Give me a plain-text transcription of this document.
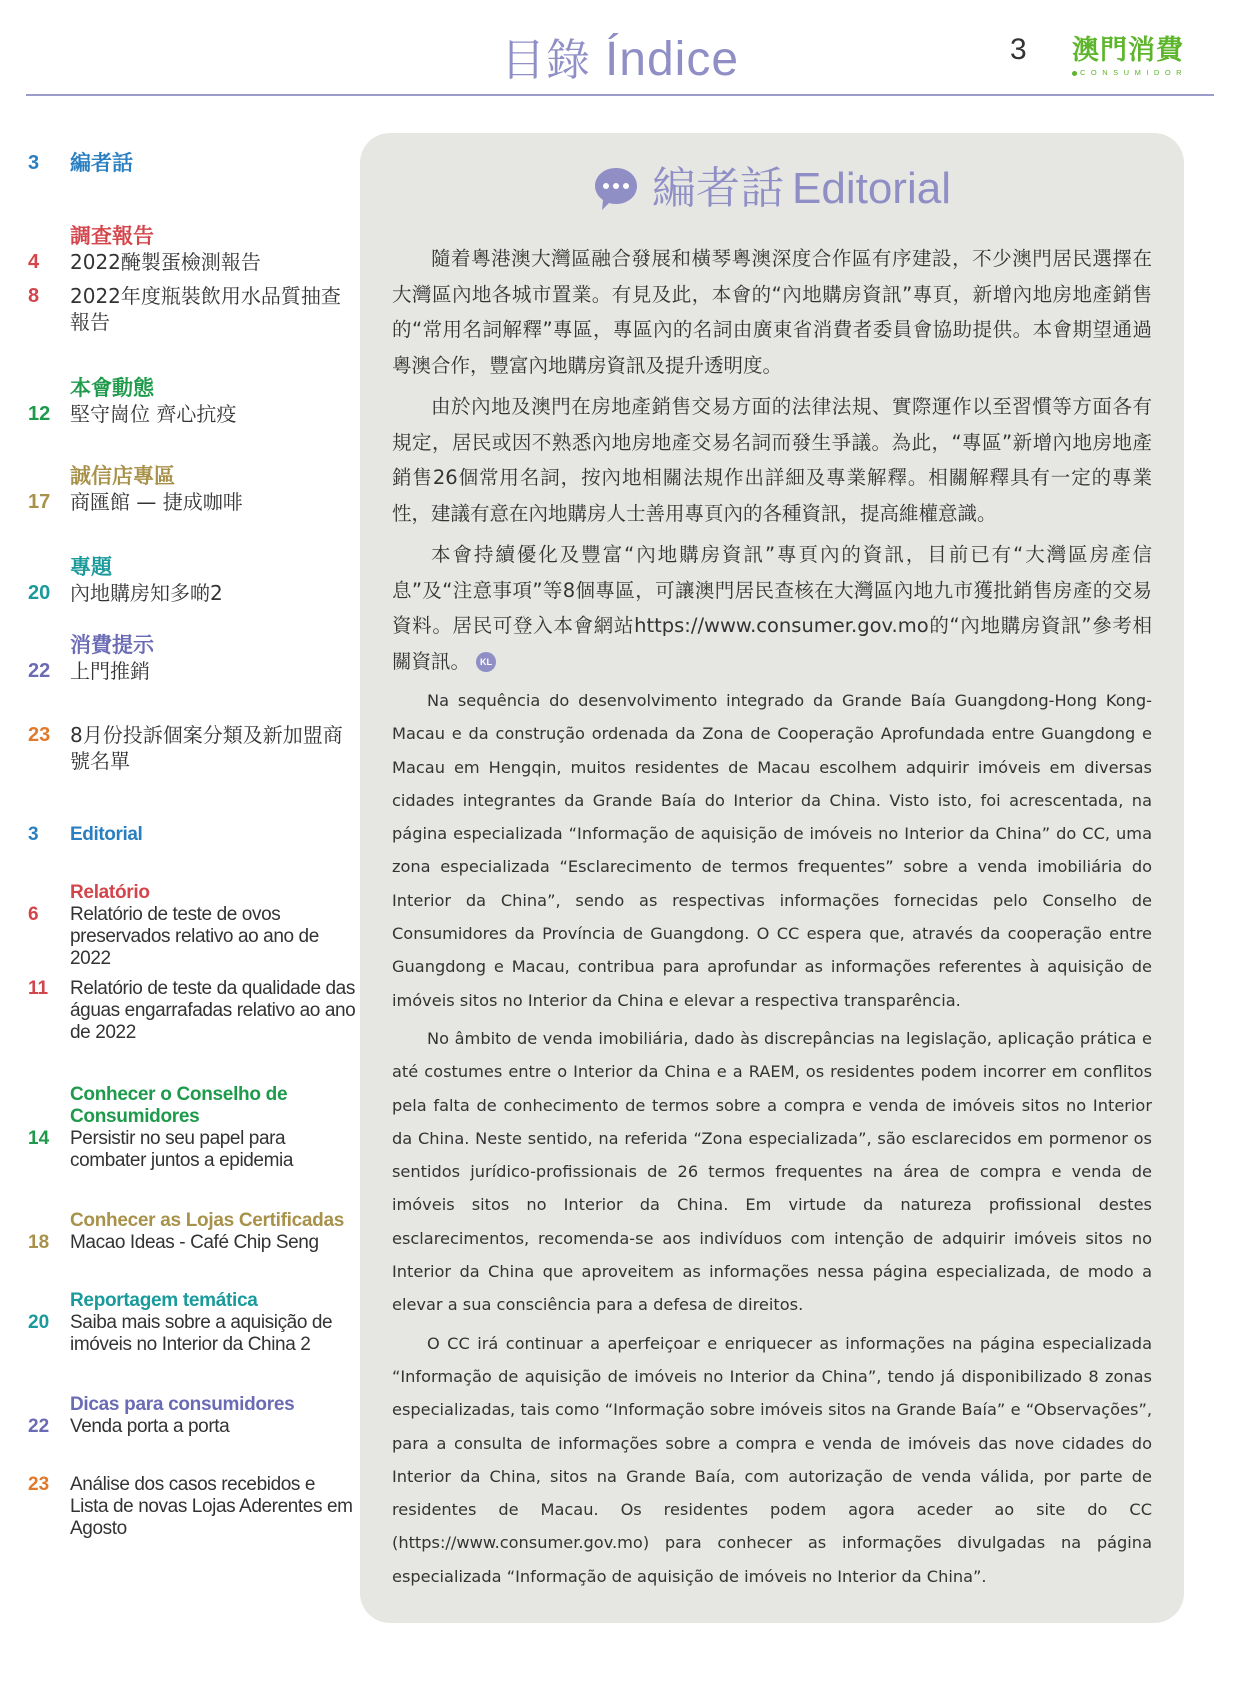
目錄 Índice	3 澳門消費
CONSUMIDOR
3	編者話
調查報告
4	2022醃製蛋檢測報告
8	2022年度瓶裝飲用水品質抽查報告
本會動態
12 堅守崗位 齊心抗疫
誠信店專區
17 商匯館 — 捷成咖啡
專題
20 內地購房知多啲2
消費提示
22 上門推銷
23 8月份投訴個案分類及新加盟商號名單
3	Editorial
Relatório
6	Relatório de teste de ovos preservados relativo ao ano de 2022
11	Relatório de teste da qualidade das águas engarrafadas relativo ao ano de 2022
Conhecer o Conselho de Consumidores
14	Persistir no seu papel para combater juntos a epidemia
Conhecer as Lojas Certificadas
18	Macao Ideas - Café Chip Seng
Reportagem temática
20	Saiba mais sobre a aquisição de imóveis no Interior da China 2
Dicas para consumidores
22	Venda porta a porta
23	Análise dos casos recebidos e Lista de novas Lojas Aderentes em Agosto
編者話 Editorial

隨着粵港澳大灣區融合發展和橫琴粵澳深度合作區有序建設，不少澳門居民選擇在大灣區內地各城市置業。有見及此，本會的“內地購房資訊”專頁，新增內地房地產銷售的“常用名詞解釋”專區，專區內的名詞由廣東省消費者委員會協助提供。本會期望通過粵澳合作，豐富內地購房資訊及提升透明度。

由於內地及澳門在房地產銷售交易方面的法律法規、實際運作以至習慣等方面各有規定，居民或因不熟悉內地房地產交易名詞而發生爭議。為此，“專區”新增內地房地產銷售26個常用名詞，按內地相關法規作出詳細及專業解釋。相關解釋具有一定的專業性，建議有意在內地購房人士善用專頁內的各種資訊，提高維權意識。

本會持續優化及豐富“內地購房資訊”專頁內的資訊，目前已有“大灣區房產信息”及“注意事項”等8個專區，可讓澳門居民查核在大灣區內地九市獲批銷售房產的交易資料。居民可登入本會網站https://www.consumer.gov.mo的“內地購房資訊”參考相關資訊。 KL

Na sequência do desenvolvimento integrado da Grande Baía Guangdong-Hong Kong-Macau e da construção ordenada da Zona de Cooperação Aprofundada entre Guangdong e Macau em Hengqin, muitos residentes de Macau escolhem adquirir imóveis em diversas cidades integrantes da Grande Baía do Interior da China. Visto isto, foi acrescentada, na página especializada “Informação de aquisição de imóveis no Interior da China” do CC, uma zona especializada “Esclarecimento de termos frequentes” sobre a venda imobiliária do Interior da China”, sendo as respectivas informações fornecidas pelo Conselho de Consumidores da Província de Guangdong. O CC espera que, através da cooperação entre Guangdong e Macau, contribua para aprofundar as informações referentes à aquisição de imóveis sitos no Interior da China e elevar a respectiva transparência.

No âmbito de venda imobiliária, dado às discrepâncias na legislação, aplicação prática e até costumes entre o Interior da China e a RAEM, os residentes podem incorrer em conflitos pela falta de conhecimento de termos sobre a compra e venda de imóveis sitos no Interior da China. Neste sentido, na referida “Zona especializada”, são esclarecidos em pormenor os sentidos jurídico-profissionais de 26 termos frequentes na área de compra e venda de imóveis sitos no Interior da China. Em virtude da natureza profissional destes esclarecimentos, recomenda-se aos indivíduos com intenção de adquirir imóveis sitos no Interior da China que aproveitem as informações nessa página especializada, de modo a elevar a sua consciência para a defesa de direitos.

O CC irá continuar a aperfeiçoar e enriquecer as informações na página especializada “Informação de aquisição de imóveis no Interior da China”, tendo já disponibilizado 8 zonas especializadas, tais como “Informação sobre imóveis sitos na Grande Baía” e “Observações”, para a consulta de informações sobre a compra e venda de imóveis das nove cidades do Interior da China, sitos na Grande Baía, com autorização de venda válida, por parte de residentes de Macau. Os residentes podem agora aceder ao site do CC (https://www.consumer.gov.mo) para conhecer as informações divulgadas na página especializada “Informação de aquisição de imóveis no Interior da China”.
